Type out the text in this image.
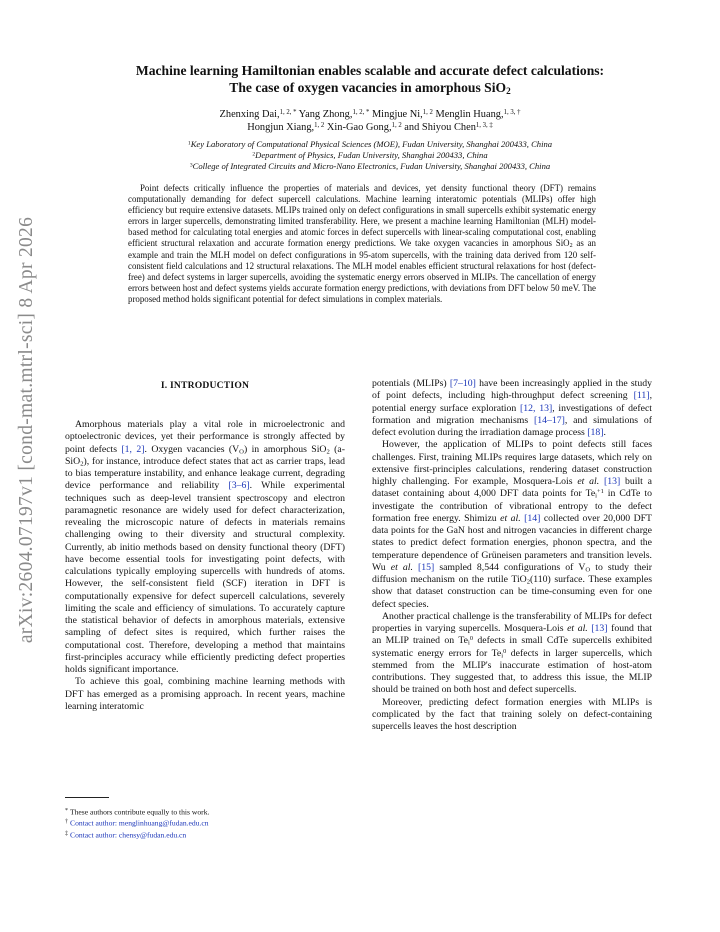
arXiv:2604.07197v1 [cond-mat.mtrl-sci] 8 Apr 2026
Machine learning Hamiltonian enables scalable and accurate defect calculations:
The case of oxygen vacancies in amorphous SiO$_2$
Zhenxing Dai,$^{1, 2, *}$ Yang Zhong,$^{1, 2, *}$ Mingjue Ni,$^{1, 2}$ Menglin Huang,$^{1, 3, \dagger}$
Hongjun Xiang,$^{1, 2}$ Xin-Gao Gong,$^{1, 2}$ and Shiyou Chen$^{1, 3, \ddagger}$
$^1$Key Laboratory of Computational Physical Sciences (MOE), Fudan University, Shanghai 200433, China
$^2$Department of Physics, Fudan University, Shanghai 200433, China
$^3$College of Integrated Circuits and Micro-Nano Electronics, Fudan University, Shanghai 200433, China

Point defects critically influence the properties of materials and devices, yet density functional theory (DFT) remains computationally demanding for defect supercell calculations. Machine learning interatomic potentials (MLIPs) offer high efficiency but require extensive datasets. MLIPs trained only on defect configurations in small supercells exhibit systematic energy errors in larger supercells, demonstrating limited transferability. Here, we present a machine learning Hamiltonian (MLH) model-based method for calculating total energies and atomic forces in defect supercells with linear-scaling computational cost, enabling efficient structural relaxation and accurate formation energy predictions. We take oxygen vacancies in amorphous SiO$_2$ as an example and train the MLH model on defect configurations in 95-atom supercells, with the training data derived from 120 self-consistent field calculations and 12 structural relaxations. The MLH model enables efficient structural relaxations for host (defect-free) and defect systems in larger supercells, avoiding the systematic energy errors observed in MLIPs. The cancellation of energy errors between host and defect systems yields accurate formation energy predictions, with deviations from DFT below 50 meV. The proposed method holds significant potential for defect simulations in complex materials.

I. INTRODUCTION

Amorphous materials play a vital role in microelectronic and optoelectronic devices, yet their performance is strongly affected by point defects [1, 2]. Oxygen vacancies $(V_O)$ in amorphous SiO$_2$ (a-SiO$_2$), for instance, introduce defect states that act as carrier traps, lead to bias temperature instability, and enhance leakage current, degrading device performance and reliability [3–6]. While experimental techniques such as deep-level transient spectroscopy and electron paramagnetic resonance are widely used for defect characterization, revealing the microscopic nature of defects in materials remains challenging owing to their diversity and structural complexity. Currently, ab initio methods based on density functional theory (DFT) have become essential tools for investigating point defects, with calculations typically employing supercells with hundreds of atoms. However, the self-consistent field (SCF) iteration in DFT is computationally expensive for defect supercell calculations, severely limiting the scale and efficiency of simulations. To accurately capture the statistical behavior of defects in amorphous materials, extensive sampling of defect sites is required, which further raises the computational cost. Therefore, developing a method that maintains first-principles accuracy while efficiently predicting defect properties holds significant importance.

To achieve this goal, combining machine learning methods with DFT has emerged as a promising approach. In recent years, machine learning interatomic

potentials (MLIPs) [7–10] have been increasingly applied in the study of point defects, including high-throughput defect screening [11], potential energy surface exploration [12, 13], investigations of defect formation and migration mechanisms [14–17], and simulations of defect evolution during the irradiation damage process [18].

However, the application of MLIPs to point defects still faces challenges. First, training MLIPs requires large datasets, which rely on extensive first-principles calculations, rendering dataset construction highly challenging. For example, Mosquera-Lois et al. [13] built a dataset containing about 4,000 DFT data points for $Te_i^{+1}$ in CdTe to investigate the contribution of vibrational entropy to the defect formation free energy. Shimizu et al. [14] collected over 20,000 DFT data points for the GaN host and nitrogen vacancies in different charge states to predict defect formation energies, phonon spectra, and the temperature dependence of Grüneisen parameters and transition levels. Wu et al. [15] sampled 8,544 configurations of $V_O$ to study their diffusion mechanism on the rutile TiO$_2$(110) surface. These examples show that dataset construction can be time-consuming even for one defect species.

Another practical challenge is the transferability of MLIPs for defect properties in varying supercells. Mosquera-Lois et al. [13] found that an MLIP trained on $Te_i^0$ defects in small CdTe supercells exhibited systematic energy errors for $Te_i^0$ defects in larger supercells, which stemmed from the MLIP's inaccurate estimation of host-atom contributions. They suggested that, to address this issue, the MLIP should be trained on both host and defect supercells.

Moreover, predicting defect formation energies with MLIPs is complicated by the fact that training solely on defect-containing supercells leaves the host description

* These authors contribute equally to this work.

† Contact author: menglinhuang@fudan.edu.cn

‡ Contact author: chensy@fudan.edu.cn
